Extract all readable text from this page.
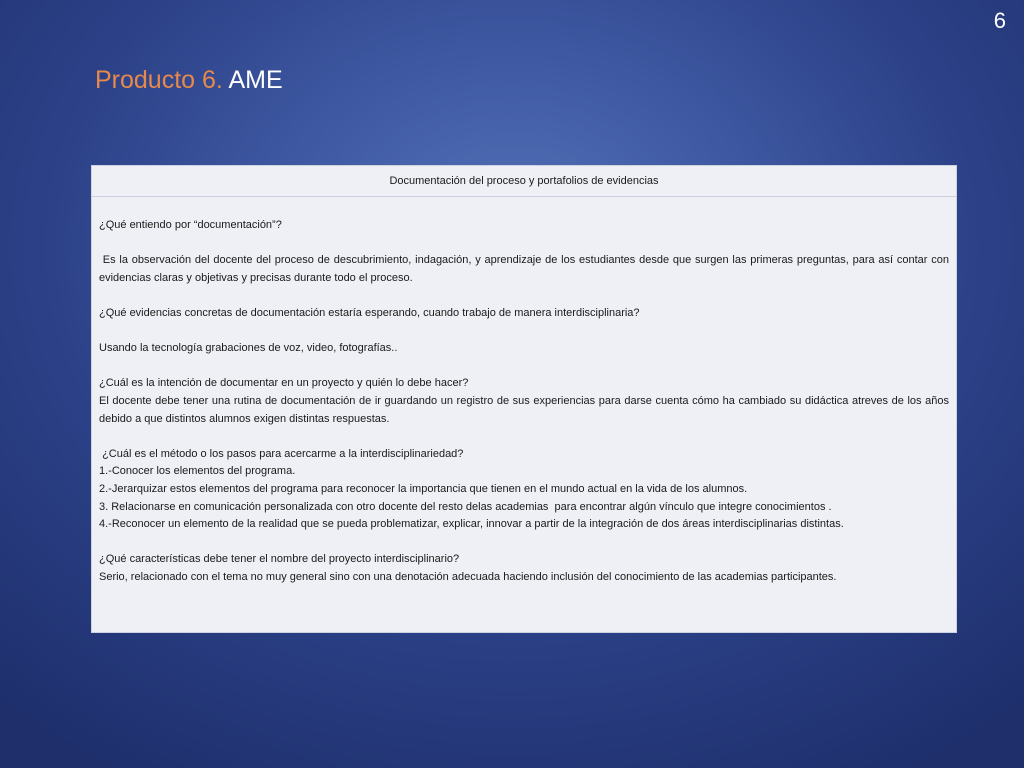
6
Producto 6. AME
Documentación del proceso y portafolios de evidencias

¿Qué entiendo por “documentación”?

Es la observación del docente del proceso de descubrimiento, indagación, y aprendizaje de los estudiantes desde que surgen las primeras preguntas, para así contar con evidencias claras y objetivas y precisas durante todo el proceso.

¿Qué evidencias concretas de documentación estaría esperando, cuando trabajo de manera interdisciplinaria?

Usando la tecnología grabaciones de voz, video, fotografías..

¿Cuál es la intención de documentar en un proyecto y quién lo debe hacer?

El docente debe tener una rutina de documentación de ir guardando un registro de sus experiencias para darse cuenta cómo ha cambiado su didáctica atreves de los años debido a que distintos alumnos exigen distintas respuestas.

¿Cuál es el método o los pasos para acercarme a la interdisciplinariedad?

1.-Conocer los elementos del programa.

2.-Jerarquizar estos elementos del programa para reconocer la importancia que tienen en el mundo actual en la vida de los alumnos.

3. Relacionarse en comunicación personalizada con otro docente del resto delas academias  para encontrar algún vínculo que integre conocimientos .

4.-Reconocer un elemento de la realidad que se pueda problematizar, explicar, innovar a partir de la integración de dos áreas interdisciplinarias distintas.

¿Qué características debe tener el nombre del proyecto interdisciplinario?

Serio, relacionado con el tema no muy general sino con una denotación adecuada haciendo inclusión del conocimiento de las academias participantes.
